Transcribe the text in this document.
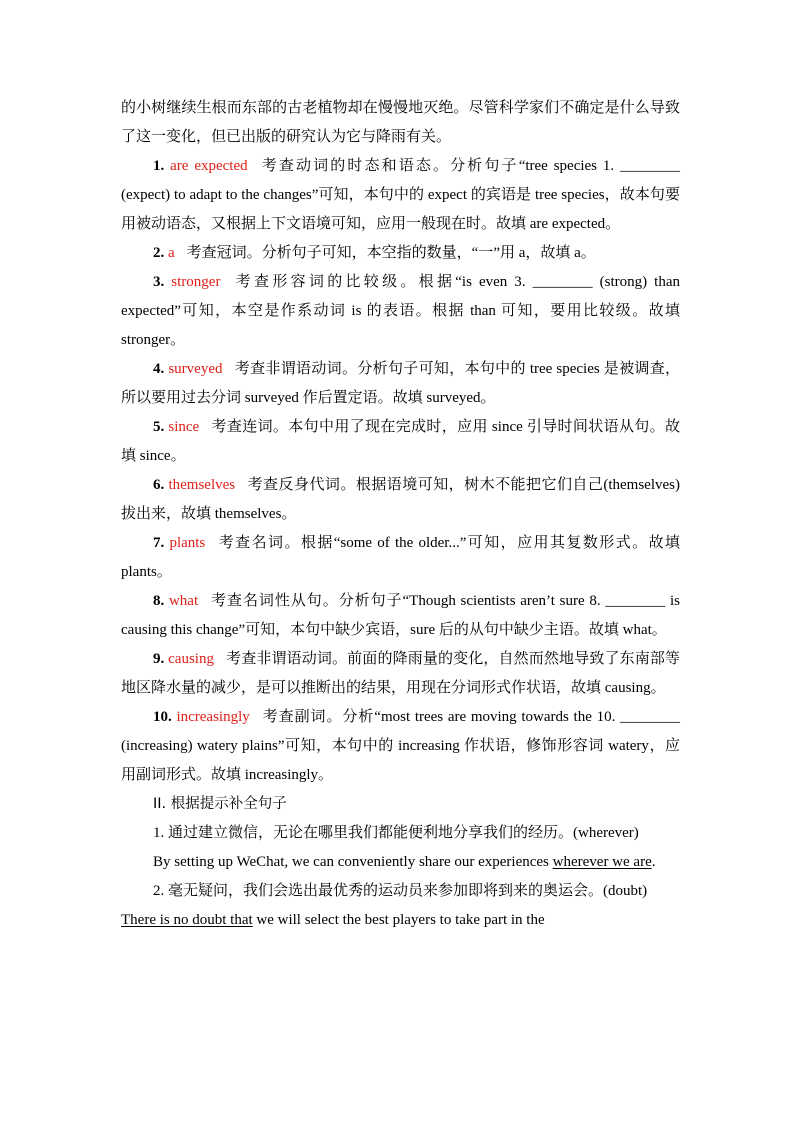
的小树继续生根而东部的古老植物却在慢慢地灭绝。尽管科学家们不确定是什么导致了这一变化，但已出版的研究认为它与降雨有关。

1. are expected 考查动词的时态和语态。分析句子“tree species 1. ________ (expect) to adapt to the changes”可知，本句中的 expect 的宾语是 tree species，故本句要用被动语态，又根据上下文语境可知，应用一般现在时。故填 are expected。

2. a 考查冠词。分析句子可知，本空指的数量，“一”用 a，故填 a。

3. stronger 考查形容词的比较级。根据“is even 3. ________ (strong) than expected”可知，本空是作系动词 is 的表语。根据 than 可知，要用比较级。故填 stronger。

4. surveyed 考查非谓语动词。分析句子可知，本句中的 tree species 是被调查，所以要用过去分词 surveyed 作后置定语。故填 surveyed。

5. since 考查连词。本句中用了现在完成时，应用 since 引导时间状语从句。故填 since。

6. themselves 考查反身代词。根据语境可知，树木不能把它们自己(themselves)拔出来，故填 themselves。

7. plants 考查名词。根据“some of the older...”可知，应用其复数形式。故填 plants。

8. what 考查名词性从句。分析句子“Though scientists aren’t sure 8. ________ is causing this change”可知，本句中缺少宾语，sure 后的从句中缺少主语。故填 what。

9. causing 考查非谓语动词。前面的降雨量的变化，自然而然地导致了东南部等地区降水量的减少，是可以推断出的结果，用现在分词形式作状语，故填 causing。

10. increasingly 考查副词。分析“most trees are moving towards the 10. ________ (increasing) watery plains”可知，本句中的 increasing 作状语，修饰形容词 watery，应用副词形式。故填 increasingly。

II. 根据提示补全句子

1. 通过建立微信，无论在哪里我们都能便利地分享我们的经历。(wherever)

By setting up WeChat, we can conveniently share our experiences wherever we are.

2. 毫无疑问，我们会选出最优秀的运动员来参加即将到来的奥运会。(doubt)

There is no doubt that we will select the best players to take part in the
